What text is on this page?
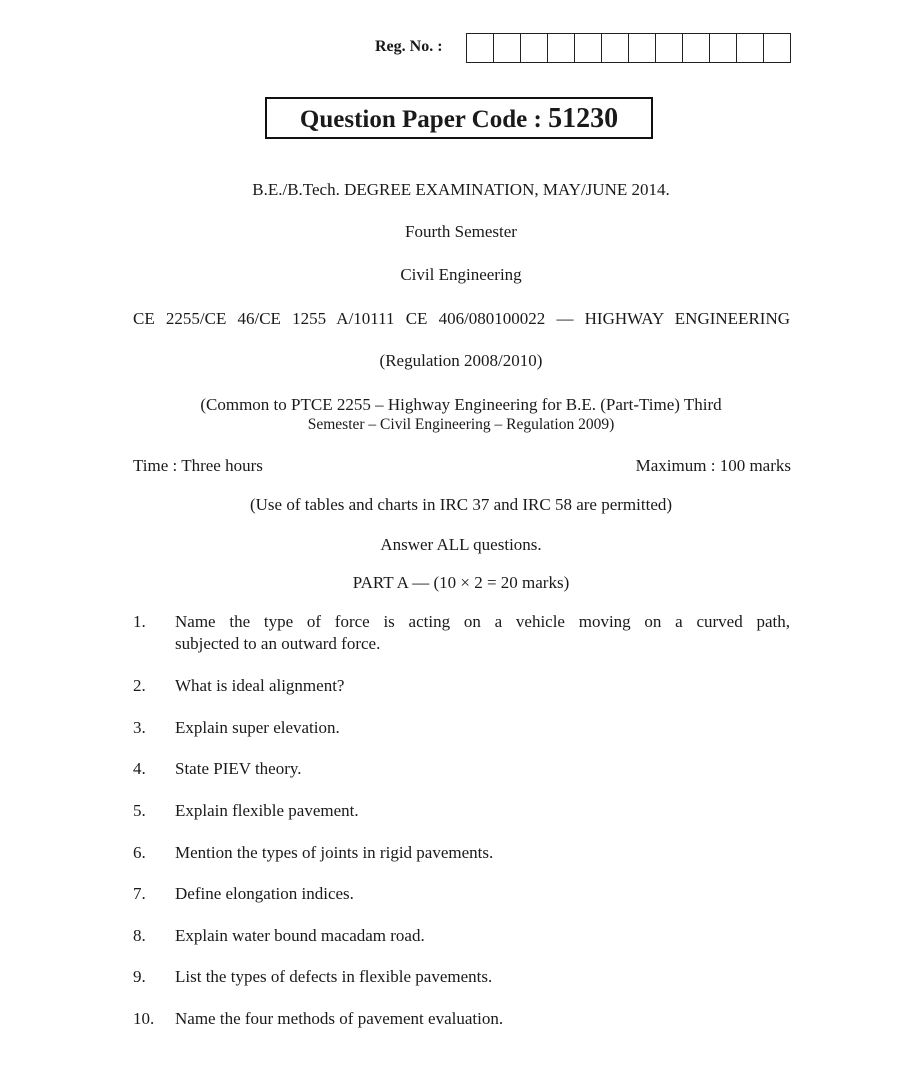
Reg. No. :
Question Paper Code : 51230
B.E./B.Tech. DEGREE EXAMINATION, MAY/JUNE 2014.
Fourth Semester
Civil Engineering
CE 2255/CE 46/CE 1255 A/10111 CE 406/080100022 — HIGHWAY ENGINEERING
(Regulation 2008/2010)
(Common to PTCE 2255 – Highway Engineering for B.E. (Part-Time) Third
Semester – Civil Engineering – Regulation 2009)
Time : Three hours	Maximum : 100 marks
(Use of tables and charts in IRC 37 and IRC 58 are permitted)
Answer ALL questions.
PART A — (10 × 2 = 20 marks)
1. Name the type of force is acting on a vehicle moving on a curved path,
subjected to an outward force.
2. What is ideal alignment?
3. Explain super elevation.
4. State PIEV theory.
5. Explain flexible pavement.
6. Mention the types of joints in rigid pavements.
7. Define elongation indices.
8. Explain water bound macadam road.
9. List the types of defects in flexible pavements.
10. Name the four methods of pavement evaluation.
